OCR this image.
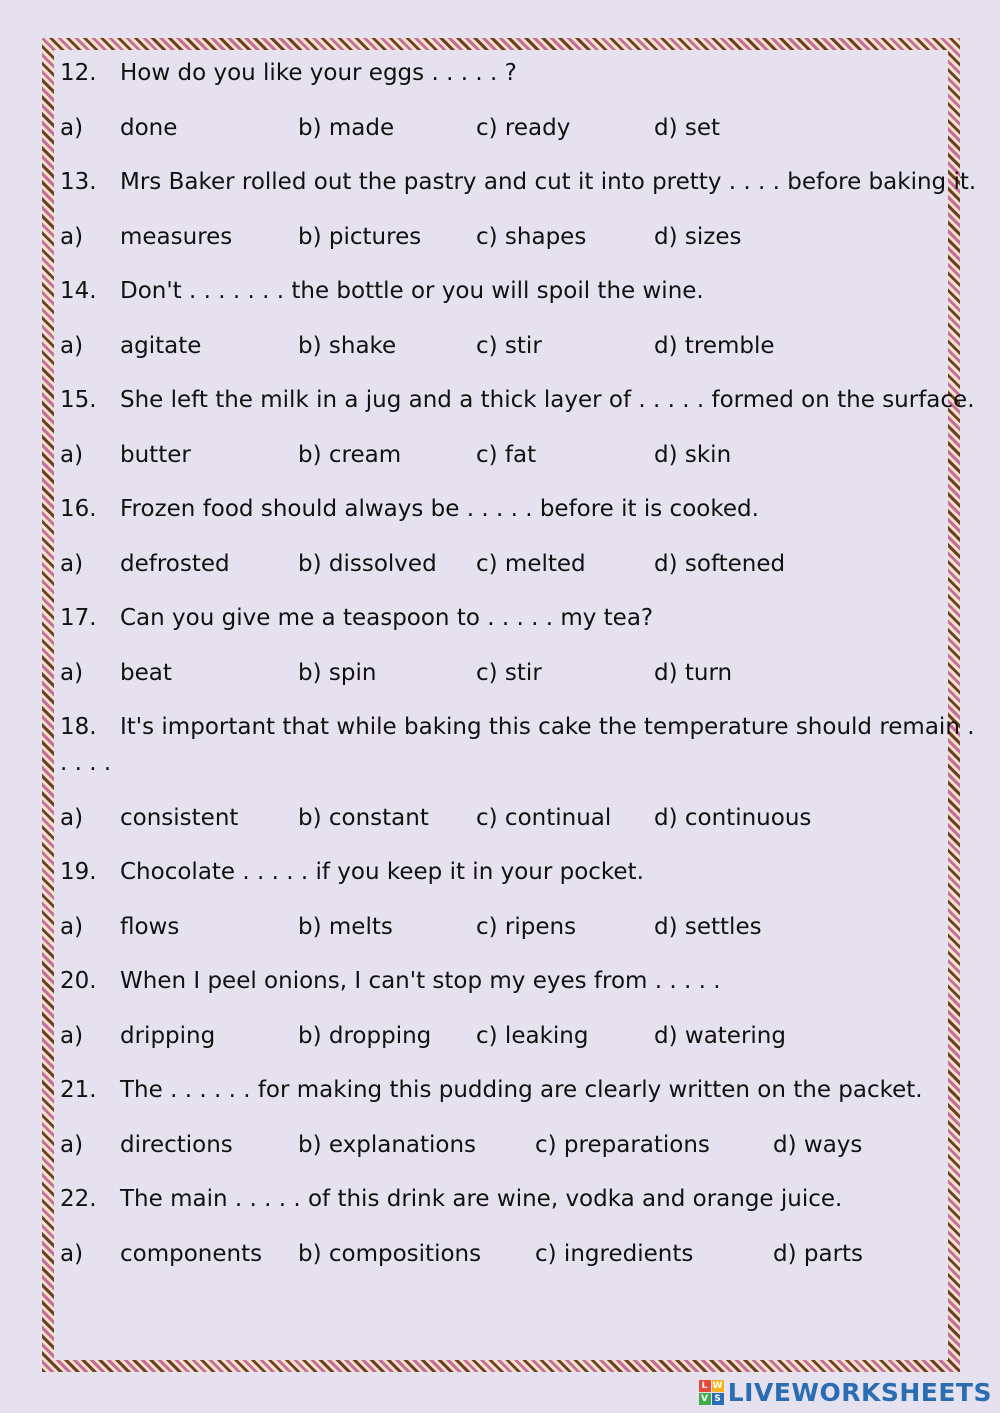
12.	How do you like your eggs . . . . . ?
a)	done	b) made	c) ready	d) set
13.	Mrs Baker rolled out the pastry and cut it into pretty . . . . before baking it.
a)	measures	b) pictures c) shapes	d) sizes
14.	Don't . . . . . . . the bottle or you will spoil the wine.
a)	agitate	b) shake	c) stir	d) tremble
15.	She left the milk in a jug and a thick layer of . . . . . formed on the surface.
a)	butter	b) cream	c) fat	d) skin
16.	Frozen food should always be . . . . . before it is cooked.
a)	defrosted	b) dissolved c) melted	d) softened
17.	Can you give me a teaspoon to . . . . . my tea?
a)	beat	b) spin	c) stir	d) turn
18.	It's important that while baking this cake the temperature should remain .
. . . .
a)	consistent	b) constant c) continual d) continuous
19.	Chocolate . . . . . if you keep it in your pocket.
a)	flows	b) melts	c) ripens	d) settles
20.	When I peel onions, I can't stop my eyes from . . . . .
a)	dripping	b) dropping c) leaking	d) watering
21.	The . . . . . . for making this pudding are clearly written on the packet.
a)	directions	b) explanations	c) preparations	d) ways
22.	The main . . . . . of this drink are wine, vodka and orange juice.
a)	components b) compositions c) ingredients	d) parts
L W
V S LIVEWORKSHEETS
